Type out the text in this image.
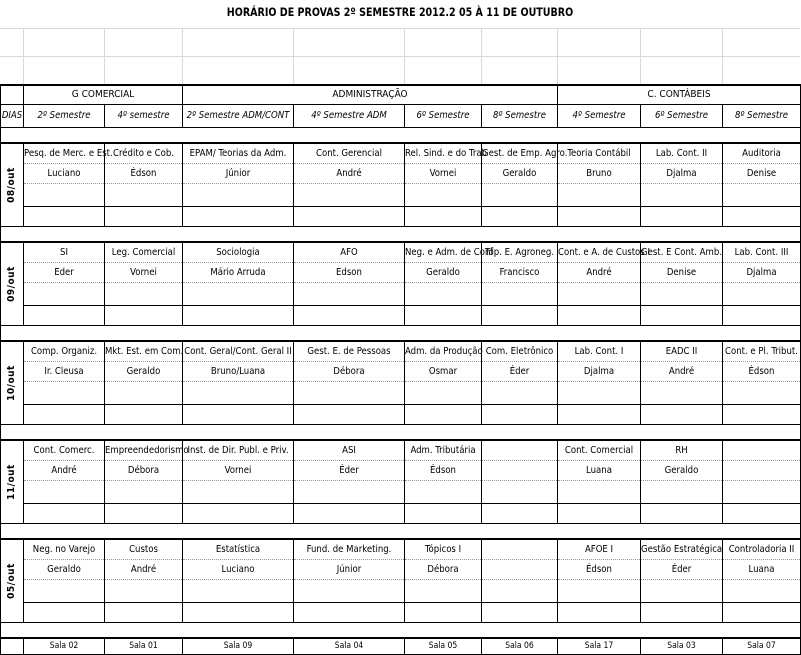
HORÁRIO DE PROVAS 2º SEMESTRE 2012.2 05 À 11 DE OUTUBRO
	G COMERCIAL		ADMINISTRAÇÃO				C. CONTÁBEIS		
DIAS	2º Semestre	4º semestre	2º Semestre ADM/CONT	4º Semestre ADM	6º Semestre	8º Semestre	4º Semestre	6º Semestre	8º Semestre

08/out	Pesq. de Merc. e Est.	Crédito e Cob.	EPAM/ Teorias da Adm.	Cont. Gerencial	Rel. Sind. e do Trab	Gest. de Emp. Agro.	Teoria Contábil	Lab. Cont. II	Auditoria
	Luciano	Édson	Júnior	André	Vornei	Geraldo	Bruno	Djalma	Denise

09/out	SI	Leg. Comercial	Sociologia	AFO	Neg. e Adm. de Conf	Tóp. E. Agroneg.	Cont. e A. de Custos I	Gest. E Cont. Amb.	Lab. Cont. III
	Eder	Vornei	Mário Arruda	Edson	Geraldo	Francisco	André	Denise	Djalma

10/out	Comp. Organiz.	Mkt. Est. em Com.	Cont. Geral/Cont. Geral II	Gest. E. de Pessoas	Adm. da Produção	Com. Eletrônico	Lab. Cont. I	EADC II	Cont. e Pl. Tribut.
	Ir. Cleusa	Geraldo	Bruno/Luana	Débora	Osmar	Éder	Djalma	André	Édson

11/out	Cont. Comerc.	Empreendedorismo	Inst. de Dir. Publ. e Priv.	ASI	Adm. Tributária		Cont. Comercial	RH	
	André	Débora	Vornei	Éder	Édson		Luana	Geraldo	

05/out	Neg. no Varejo	Custos	Estatística	Fund. de Marketing.	Tópicos I		AFOE I	Gestão Estratégica	Controladoria II
	Geraldo	André	Luciano	Júnior	Débora		Édson	Éder	Luana

	Sala 02	Sala 01	Sala 09	Sala 04	Sala 05	Sala 06	Sala 17	Sala 03	Sala 07
